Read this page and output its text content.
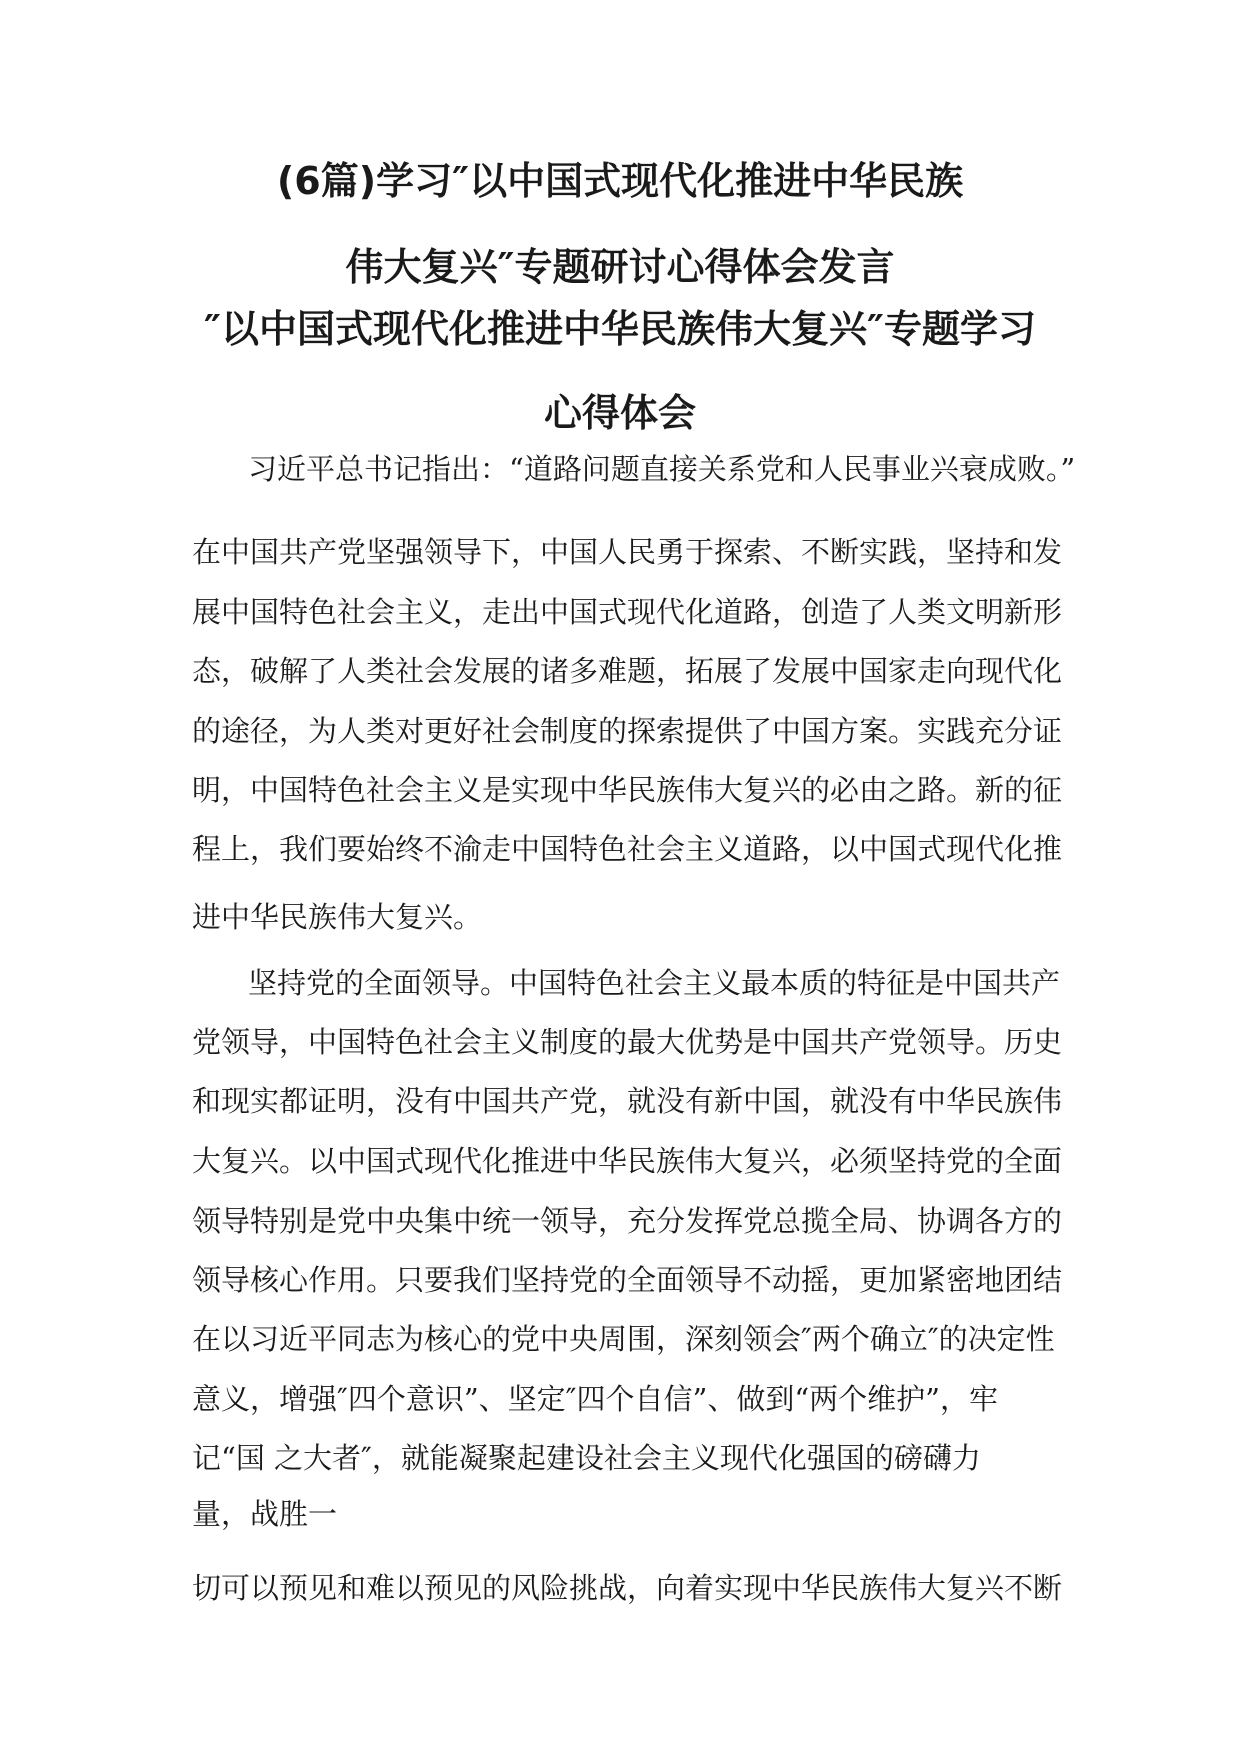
(6篇)学习″以中国式现代化推进中华民族
伟大复兴″专题研讨心得体会发言
″以中国式现代化推进中华民族伟大复兴″专题学习
心得体会
习近平总书记指出：“道路问题直接关系党和人民事业兴衰成败。”
在中国共产党坚强领导下，中国人民勇于探索、不断实践，坚持和发
展中国特色社会主义，走出中国式现代化道路，创造了人类文明新形
态，破解了人类社会发展的诸多难题，拓展了发展中国家走向现代化
的途径，为人类对更好社会制度的探索提供了中国方案。实践充分证
明，中国特色社会主义是实现中华民族伟大复兴的必由之路。新的征
程上，我们要始终不渝走中国特色社会主义道路，以中国式现代化推
进中华民族伟大复兴。
坚持党的全面领导。中国特色社会主义最本质的特征是中国共产
党领导，中国特色社会主义制度的最大优势是中国共产党领导。历史
和现实都证明，没有中国共产党，就没有新中国，就没有中华民族伟
大复兴。以中国式现代化推进中华民族伟大复兴，必须坚持党的全面
领导特别是党中央集中统一领导，充分发挥党总揽全局、协调各方的
领导核心作用。只要我们坚持党的全面领导不动摇，更加紧密地团结
在以习近平同志为核心的党中央周围，深刻领会″两个确立″的决定性
意义，增强″四个意识”、坚定″四个自信”、做到“两个维护”，牢
记“国 之大者″，就能凝聚起建设社会主义现代化强国的磅礴力
量，战胜一
切可以预见和难以预见的风险挑战，向着实现中华民族伟大复兴不断
